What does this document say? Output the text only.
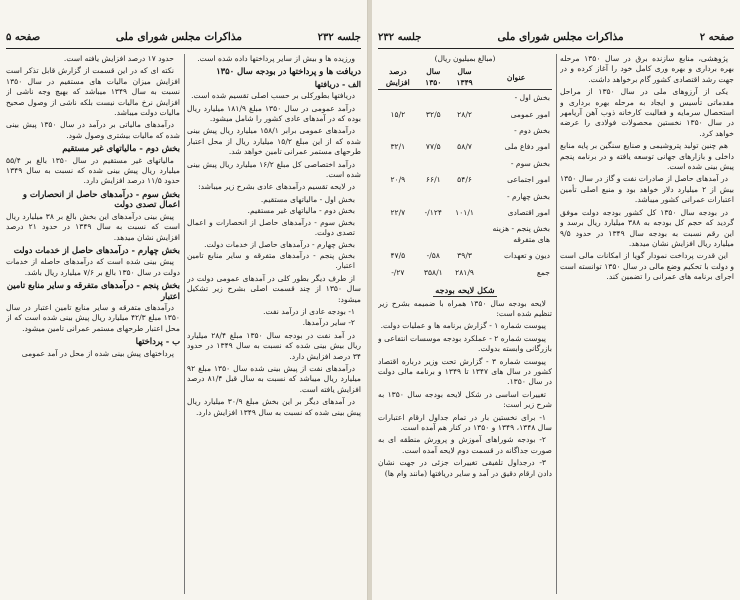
صفحه ۵	مذاکرات مجلس شورای ملی	جلسه ۲۳۲

ورزیده ها و بیش از سایر پرداختها داده شده است.

دریافت ها و پرداختها در بودجه سال ۱۳۵۰
الف - دریافتها

دریافتها بطورکلی بر حسب اصلی تقسیم شده است.

درآمد عمومی در سال ۱۳۵۰ مبلغ ۱۸۱/۹ میلیارد ریال بوده که در آمدهای عادی کشور را شامل میشود.

درآمدهای عمومی برابر ۱۵۸/۱ میلیارد ریال پیش بینی شده که از این مبلغ ۱۵/۲ میلیارد ریال از محل اعتبار طرحهای مستمر عمرانی تامین خواهد شد.

درآمد اختصاصی کل مبلغ ۱۶/۲ میلیارد ریال پیش بینی شده است.

در لایحه تقسیم درآمدهای عادی بشرح زیر میباشد:

بخش اول - مالیاتهای مستقیم.
بخش دوم - مالیاتهای غیر مستقیم.
بخش سوم - درآمدهای حاصل از انحصارات و اعمال تصدی دولت.
بخش چهارم - درآمدهای حاصل از خدمات دولت.
بخش پنجم - درآمدهای متفرقه و سایر منابع تامین اعتبار.

از طرف دیگر بطور کلی در آمدهای عمومی دولت در سال ۱۳۵۰ از چند قسمت اصلی بشرح زیر تشکیل میشود:

۱- بودجه عادی از درآمد نفت.
۲- سایر درآمدها.

در آمد نفت در بودجه سال ۱۳۵۰ مبلغ ۲۸/۴ میلیارد ریال بیش بینی شده که نسبت به سال ۱۳۴۹ در حدود ۳۴ درصد افزایش دارد.

درآمدهای نفت از پیش بینی شده سال ۱۳۵۰ مبلغ ۹۲ میلیارد ریال میباشد که نسبت به سال قبل ۸۱/۴ درصد افزایش یافته است.

در آمدهای دیگر بر این بخش مبلغ ۳۰/۹ میلیارد ریال پیش بینی شده که نسبت به سال ۱۳۴۹ افزایش دارد.

حدود ۱۷ درصد افزایش یافته است.

نکته ای که در این قسمت از گزارش قابل تذکر است افزایش میزان مالیات های مستقیم در سال ۱۳۵۰ نسبت به سال ۱۳۴۹ میباشد که بهیچ وجه ناشی از افزایش نرخ مالیات نیست بلکه ناشی از وصول صحیح مالیات دولت میباشد.

درآمدهای مالیاتی بر درآمد در سال ۱۳۵۰ پیش بینی شده که مالیات بیشتری وصول شود.

بخش دوم - مالیاتهای غیر مستقیم

مالیاتهای غیر مستقیم در سال ۱۳۵۰ بالغ بر ۵۵/۴ میلیارد ریال پیش بینی شده که نسبت به سال ۱۳۴۹ حدود ۱۱/۵ درصد افزایش دارد.

بخش سوم - درآمدهای حاصل از انحصارات و اعمال تصدی دولت

پیش بینی درآمدهای این بخش بالغ بر ۳۸ میلیارد ریال است که نسبت به سال ۱۳۴۹ در حدود ۲۱ درصد افزایش نشان میدهد.

بخش چهارم - درآمدهای حاصل از خدمات دولت

پیش بینی شده است که درآمدهای حاصله از خدمات دولت در سال ۱۳۵۰ بالغ بر ۷/۶ میلیارد ریال باشد.

بخش پنجم - درآمدهای متفرقه و سایر منابع تامین اعتبار

درآمدهای متفرقه و سایر منابع تامین اعتبار در سال ۱۳۵۰ مبلغ ۴۲/۳ میلیارد ریال پیش بینی شده است که از محل اعتبار طرحهای مستمر عمرانی تامین میشود.

ب - پرداختها

پرداختهای پیش بینی شده از محل در آمد عمومی

جلسه ۲۳۲	مذاکرات مجلس شورای ملی	صفحه ۲

پژوهشی، منابع سازنده برق در سال ۱۳۵۰ مرحله بهره برداری و بهره وری کامل خود را آغاز کرده و در جهت رشد اقتصادی کشور گام برخواهد داشت.

یکی از آرزوهای ملی در سال ۱۳۵۰ از مراحل مقدماتی تأسیس و ایجاد به مرحله بهره برداری و استحصال سرمایه و فعالیت کارخانه ذوب آهن آریامهر در سال ۱۳۵۰ نخستین محصولات فولادی را عرضه خواهد کرد.

هم چنین تولید پتروشیمی و صنایع سنگین بر پایه منابع داخلی و بازارهای جهانی توسعه یافته و در برنامه پنجم پیش بینی شده است.

در آمدهای حاصل از صادرات نفت و گاز در سال ۱۳۵۰ بیش از ۲ میلیارد دلار خواهد بود و منبع اصلی تأمین اعتبارات عمرانی کشور میباشد.

در بودجه سال ۱۳۵۰ کل کشور بودجه دولت موفق گردید که حجم کل بودجه به ۳۸۸ میلیارد ریال برسد و این رقم نسبت به بودجه سال ۱۳۴۹ در حدود ۹/۵ میلیارد ریال افزایش نشان میدهد.

این قدرت پرداخت نمودار گویا از امکانات مالی است و دولت با تحکیم وضع مالی در سال ۱۳۵۰ توانسته است اجرای برنامه های عمرانی را تضمین کند.

(مبالغ بمیلیون ریال)
عنوان	سال ۱۳۴۹	سال ۱۳۵۰	درصد افزایش
بخش اول -			
امور عمومی	۲۸/۲	۳۲/۵	۱۵/۲
بخش دوم -			
امور دفاع ملی	۵۸/۷	۷۷/۵	۳۲/۱
بخش سوم -			
امور اجتماعی	۵۴/۶	۶۶/۱	۲۰/۹
بخش چهارم -			
امور اقتصادی	۱۰۱/۱	۱۲۴/-	۲۲/۷
بخش پنجم - هزینه های متفرقه			
دیون و تعهدات	۳۹/۳	۵۸/-	۴۷/۵
جمع	۲۸۱/۹	۳۵۸/۱	۲۷/-
شکل لایحه بودجه

لایحه بودجه سال ۱۳۵۰ همراه با ضمیمه بشرح زیر تنظیم شده است:

پیوست شماره ۱ - گزارش برنامه ها و عملیات دولت.

پیوست شماره ۲ - عملکرد بودجه موسسات انتفاعی و بازرگانی وابسته بدولت.

پیوست شماره ۳ - گزارش تحت وزیر درباره اقتصاد کشور در سال های ۱۳۴۷ تا ۱۳۴۹ و برنامه مالی دولت در سال ۱۳۵۰.

تغییرات اساسی در شکل لایحه بودجه سال ۱۳۵۰ به شرح زیر است:

۱- برای نخستین بار در تمام جداول ارقام اعتبارات سال ۱۳۴۸، ۱۳۴۹ و ۱۳۵۰ در کنار هم آمده است.

۲- بودجه شوراهای آموزش و پرورش منطقه ای به صورت جداگانه در قسمت دوم لایحه آمده است.

۳- درجداول تلفیقی تغییرات جزئی در جهت نشان دادن ارقام دقیق در آمد و سایر دریافتها (مانند وام ها)
